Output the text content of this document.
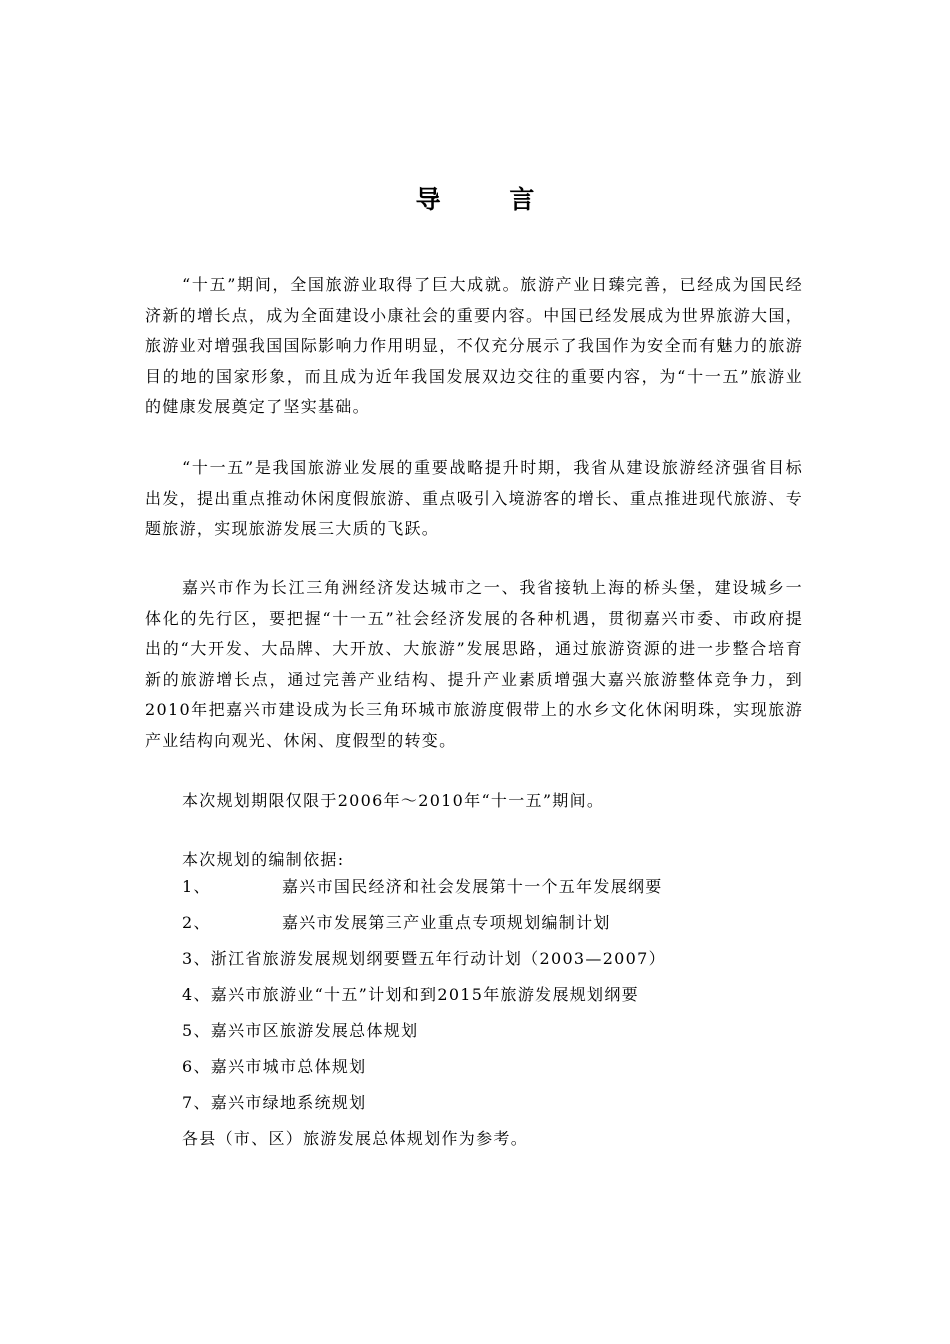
导 言

“十五”期间，全国旅游业取得了巨大成就。旅游产业日臻完善，已经成为国民经济新的增长点，成为全面建设小康社会的重要内容。中国已经发展成为世界旅游大国，旅游业对增强我国国际影响力作用明显，不仅充分展示了我国作为安全而有魅力的旅游目的地的国家形象，而且成为近年我国发展双边交往的重要内容，为“十一五”旅游业的健康发展奠定了坚实基础。

“十一五”是我国旅游业发展的重要战略提升时期，我省从建设旅游经济强省目标出发，提出重点推动休闲度假旅游、重点吸引入境游客的增长、重点推进现代旅游、专题旅游，实现旅游发展三大质的飞跃。

嘉兴市作为长江三角洲经济发达城市之一、我省接轨上海的桥头堡，建设城乡一体化的先行区，要把握“十一五”社会经济发展的各种机遇，贯彻嘉兴市委、市政府提出的“大开发、大品牌、大开放、大旅游”发展思路，通过旅游资源的进一步整合培育新的旅游增长点，通过完善产业结构、提升产业素质增强大嘉兴旅游整体竞争力，到2010年把嘉兴市建设成为长三角环城市旅游度假带上的水乡文化休闲明珠，实现旅游产业结构向观光、休闲、度假型的转变。

本次规划期限仅限于2006年～2010年“十一五”期间。

本次规划的编制依据:

1、	嘉兴市国民经济和社会发展第十一个五年发展纲要

2、	嘉兴市发展第三产业重点专项规划编制计划

3、浙江省旅游发展规划纲要暨五年行动计划（2003—2007）

4、嘉兴市旅游业“十五”计划和到2015年旅游发展规划纲要

5、嘉兴市区旅游发展总体规划

6、嘉兴市城市总体规划

7、嘉兴市绿地系统规划

各县（市、区）旅游发展总体规划作为参考。
